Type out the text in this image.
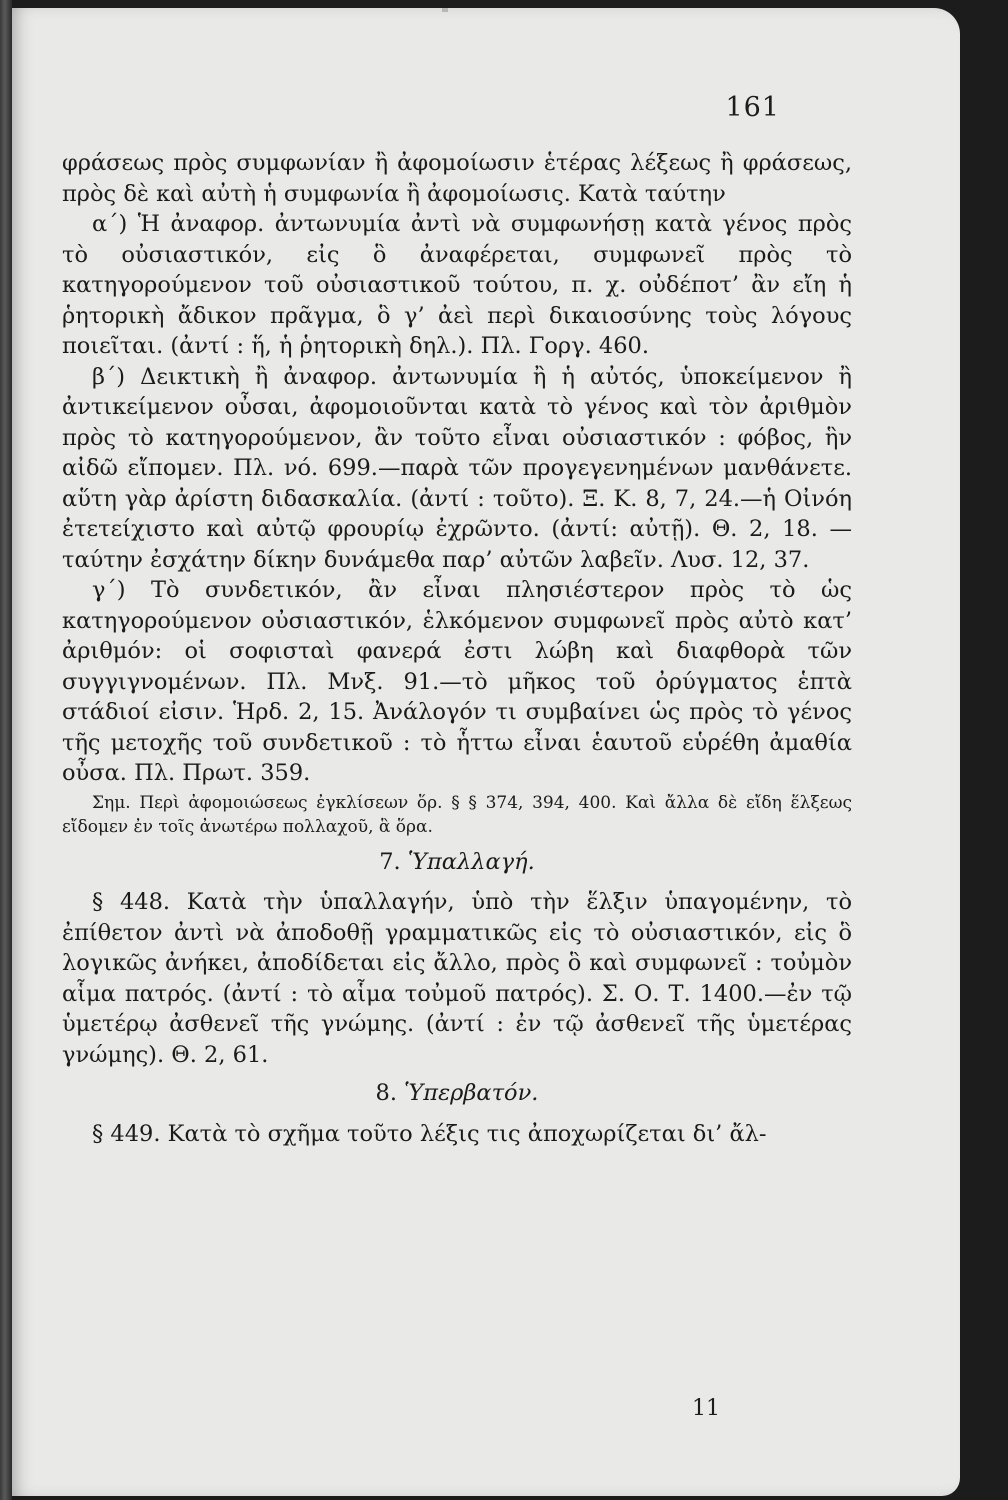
161

φράσεως πρὸς συμφωνίαν ἢ ἀφομοίωσιν ἑτέρας λέξεως ἢ φράσεως, πρὸς δὲ καὶ αὐτὴ ἡ συμφωνία ἢ ἀφομοίωσις. Κατὰ ταύτην

α΄) Ἡ ἀναφορ. ἀντωνυμία ἀντὶ νὰ συμφωνήσῃ κατὰ γένος πρὸς τὸ οὐσιαστικόν, εἰς ὃ ἀναφέρεται, συμφωνεῖ πρὸς τὸ κατηγορούμενον τοῦ οὐσιαστικοῦ τούτου, π. χ. οὐδέποτ’ ἂν εἴη ἡ ῥητορικὴ ἄδικον πρᾶγμα, ὃ γ’ ἀεὶ περὶ δικαιοσύνης τοὺς λόγους ποιεῖται. (ἀντί : ἥ, ἡ ῥητορικὴ δηλ.). Πλ. Γοργ. 460.

β΄) Δεικτικὴ ἢ ἀναφορ. ἀντωνυμία ἢ ἡ αὐτός, ὑποκείμενον ἢ ἀντικείμενον οὖσαι, ἀφομοιοῦνται κατὰ τὸ γένος καὶ τὸν ἀριθμὸν πρὸς τὸ κατηγορούμενον, ἂν τοῦτο εἶναι οὐσιαστικόν : φόβος, ἣν αἰδῶ εἴπομεν. Πλ. νό. 699.—παρὰ τῶν προγεγενημένων μανθάνετε. αὕτη γὰρ ἀρίστη διδασκαλία. (ἀντί : τοῦτο). Ξ. Κ. 8, 7, 24.—ἡ Οἰνόη ἐτετείχιστο καὶ αὐτῷ φρουρίῳ ἐχρῶντο. (ἀντί: αὐτῇ). Θ. 2, 18. —ταύτην ἐσχάτην δίκην δυνάμεθα παρ’ αὐτῶν λαβεῖν. Λυσ. 12, 37.

γ΄) Τὸ συνδετικόν, ἂν εἶναι πλησιέστερον πρὸς τὸ ὡς κατηγορούμενον οὐσιαστικόν, ἑλκόμενον συμφωνεῖ πρὸς αὐτὸ κατ’ ἀριθμόν: οἱ σοφισταὶ φανερά ἐστι λώβη καὶ διαφθορὰ τῶν συγγιγνομένων. Πλ. Μνξ. 91.—τὸ μῆκος τοῦ ὀρύγματος ἑπτὰ στάδιοί εἰσιν. Ἡρδ. 2, 15. Ἀνάλογόν τι συμβαίνει ὡς πρὸς τὸ γένος τῆς μετοχῆς τοῦ συνδετικοῦ : τὸ ἧττω εἶναι ἑαυτοῦ εὑρέθη ἀμαθία οὖσα. Πλ. Πρωτ. 359.

Σημ. Περὶ ἀφομοιώσεως ἐγκλίσεων ὅρ. § § 374, 394, 400. Καὶ ἄλλα δὲ εἴδη ἕλξεως εἴδομεν ἐν τοῖς ἀνωτέρω πολλαχοῦ, ἃ ὅρα.

7. Ὑπαλλαγή.

§ 448. Κατὰ τὴν ὑπαλλαγήν, ὑπὸ τὴν ἕλξιν ὑπαγομένην, τὸ ἐπίθετον ἀντὶ νὰ ἀποδοθῇ γραμματικῶς εἰς τὸ οὐσιαστικόν, εἰς ὃ λογικῶς ἀνήκει, ἀποδίδεται εἰς ἄλλο, πρὸς ὃ καὶ συμφωνεῖ : τοὐμὸν αἷμα πατρός. (ἀντί : τὸ αἷμα τοὐμοῦ πατρός). Σ. Ο. Τ. 1400.—ἐν τῷ ὑμετέρῳ ἀσθενεῖ τῆς γνώμης. (ἀντί : ἐν τῷ ἀσθενεῖ τῆς ὑμετέρας γνώμης). Θ. 2, 61.

8. Ὑπερβατόν.

§ 449. Κατὰ τὸ σχῆμα τοῦτο λέξις τις ἀποχωρίζεται δι’ ἄλ-

11
